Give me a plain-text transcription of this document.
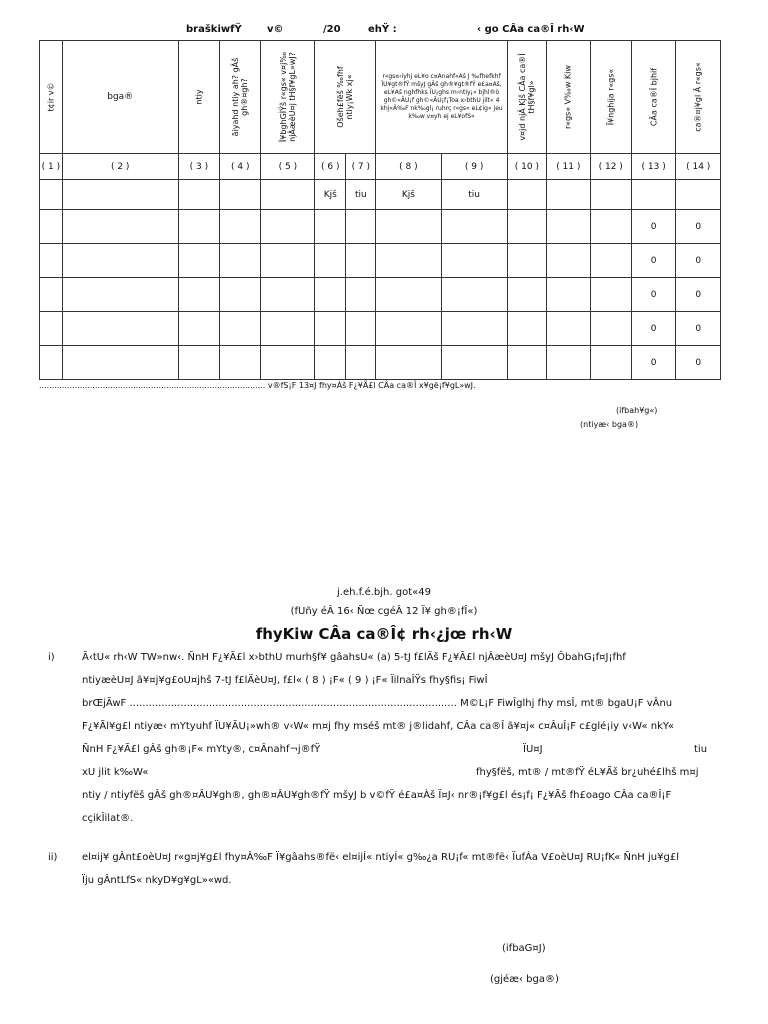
braškiwfŸ	v©	/20	ehŸ :	‹ go CÂa ca®Î rh‹W
t¢ir v©	bga®	ntiy	ãiyahd ntiy ah? gÂš gh®¤gh?	Ï¥bghGÌŸš r«gs« v¤j‰ njÂæèU¤j tH§f¥gL»wJ?	Ošeh£fëš ‰fhf ntiy¡Wk xj«		r«gs¤‹iyhj eL¥o c¤Anahf«Aš J ‰fhefkhf ÏU¥gt®fŸ mšyJ gÂš gh®¥gt®fŸ e£a¤Aš, eL¥Aš nghfhks ÏU¡ghs m›ntiy¡» bjhl®ò gh©«ÃU¡f gh©«ÃU¡f¡Toa x›bthU jilt« 4 khj«Â‰F nk‰gl¡ ruhrç r«gs« eL¢ig« jeu k‰w v¤yh ej eL¥ofS«		v¤jd njÂ Kjš CÂa ca®Î tH§f¥gl»	r«gs« V‰w Kiw	Ï¥nghija r«gs«	CÂa ca®Î bjhif	ca®¤j¥gl Â r«gs«

( 1 )	( 2 )	( 3 )	( 4 )	( 5 )	( 6 )	( 7 )	( 8 )	( 9 )	( 10 )	( 11 )	( 12 )	( 13 )	( 14 )
					Kjš	tiu	Kjš	tiu					
												0	0
												0	0
												0	0
												0	0
												0	0
......................................................................................... v®fS¡F 13¤J fhy¤Àš F¿¥Ã£l CÂa ca®Î x¥gë¡f¥gL»wJ.
(ifbah¥g«)
(ntiyæ‹ bga®)
j.eh.f.é.bjh. got«49
(fUñy éÂ 16‹ Ñœ cgéÂ 12 Ï¥ gh®¡fÎ«)
fhyKiw CÂa ca®Î¢ rh‹¿jœ rh‹W
i)	Ã‹tU« rh‹W TW»nw‹. ÑnH F¿¥Ã£l x›bthU murh§f¥ gâahsU« (a) 5-tJ f£lÄš F¿¥Ã£l njÂæèU¤J mšyJ ÔbahG¡f¤J¡fhf
ntiyæèU¤J ã¥¤j¥g£oU¤jhš 7-tJ f£lÄèU¤J, f£l« ( 8 ) ¡F« ( 9 ) ¡F« ÏilnaÎŸs fhy§fis¡ FiwÎ
brŒjÃwF ....................................................................................................... M©L¡F FiwÎglhj fhy msÎ, mt® bgaU¡F vÂnu
F¿¥Ãl¥g£l ntiyæ‹ mYtyuhf ÏU¥ÃU¡»wh® v‹W« m¤j fhy mséš mt® j®lidahf, CÂa ca®Î ã¥¤j« c¤ÂuÎ¡F c£glé¡iy v‹W« nkY«
ÑnH F¿¥Ã£l gÂš gh®¡F« mYty®, c¤Ânahf¬j®fŸ	ÏU¤J	tiu
xU jlit k‰W«	fhy§fëš, mt® / mt®fŸ éL¥Ãš br¿uhé£lhš m¤j
ntiy / ntiyfëš gÂš gh®¤ÂU¥gh®, gh®¤ÂU¥gh®fŸ mšyJ b v©fŸ é£a¤Àš Ï¤J‹ nr®¡f¥g£l és¡f¡ F¿¥Ãš fh£oago CÂa ca®Î¡F
cçikÎilat®.
ii) el¤ij¥ gÂnt£oèU¤J r«g¤j¥g£l fhy¤Â‰F Ï¥gâahs®fë‹ el¤ijÍ« ntiyÍ« g‰¿a RU¡f« mt®fë‹ ÏufÁa V£oèU¤J RU¡fK« ÑnH ju¥g£l
Ïju gÂntLfS« nkyD¥g¥gL»«wd.
(ifbaG¤J)
(gjéæ‹ bga®)
